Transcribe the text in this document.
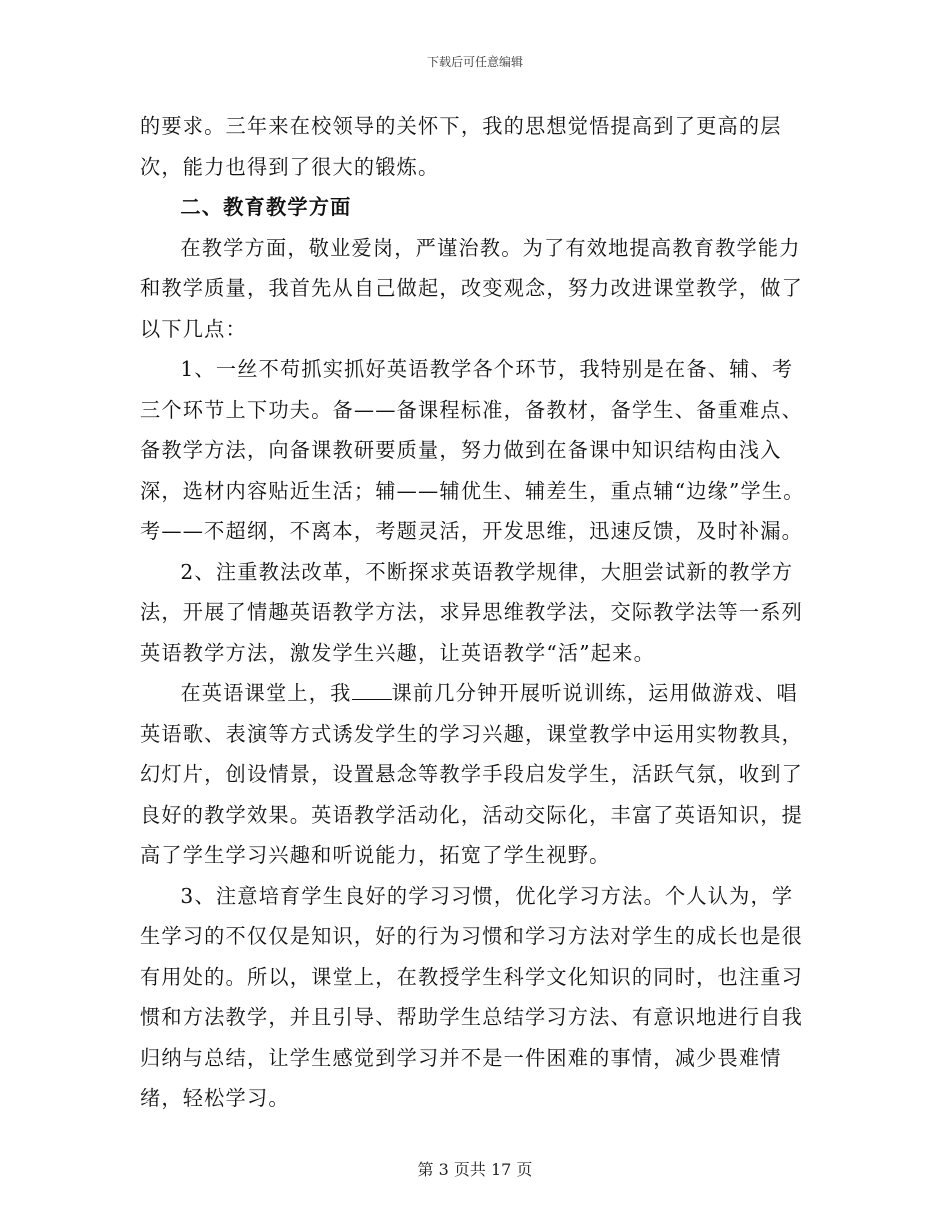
下载后可任意编辑

的要求。三年来在校领导的关怀下，我的思想觉悟提高到了更高的层次，能力也得到了很大的锻炼。

二、教育教学方面

在教学方面，敬业爱岗，严谨治教。为了有效地提高教育教学能力和教学质量，我首先从自己做起，改变观念，努力改进课堂教学，做了以下几点：

1、一丝不苟抓实抓好英语教学各个环节，我特别是在备、辅、考三个环节上下功夫。备——备课程标准，备教材，备学生、备重难点、备教学方法，向备课教研要质量，努力做到在备课中知识结构由浅入深，选材内容贴近生活；辅——辅优生、辅差生，重点辅“边缘”学生。考——不超纲，不离本，考题灵活，开发思维，迅速反馈，及时补漏。

2、注重教法改革，不断探求英语教学规律，大胆尝试新的教学方法，开展了情趣英语教学方法，求异思维教学法，交际教学法等一系列英语教学方法，激发学生兴趣，让英语教学“活”起来。

在英语课堂上，我 课前几分钟开展听说训练，运用做游戏、唱英语歌、表演等方式诱发学生的学习兴趣，课堂教学中运用实物教具，幻灯片，创设情景，设置悬念等教学手段启发学生，活跃气氛，收到了良好的教学效果。英语教学活动化，活动交际化，丰富了英语知识，提高了学生学习兴趣和听说能力，拓宽了学生视野。

3、注意培育学生良好的学习习惯，优化学习方法。个人认为，学生学习的不仅仅是知识，好的行为习惯和学习方法对学生的成长也是很有用处的。所以，课堂上，在教授学生科学文化知识的同时，也注重习惯和方法教学，并且引导、帮助学生总结学习方法、有意识地进行自我归纳与总结，让学生感觉到学习并不是一件困难的事情，减少畏难情绪，轻松学习。

第 3 页共 17 页
